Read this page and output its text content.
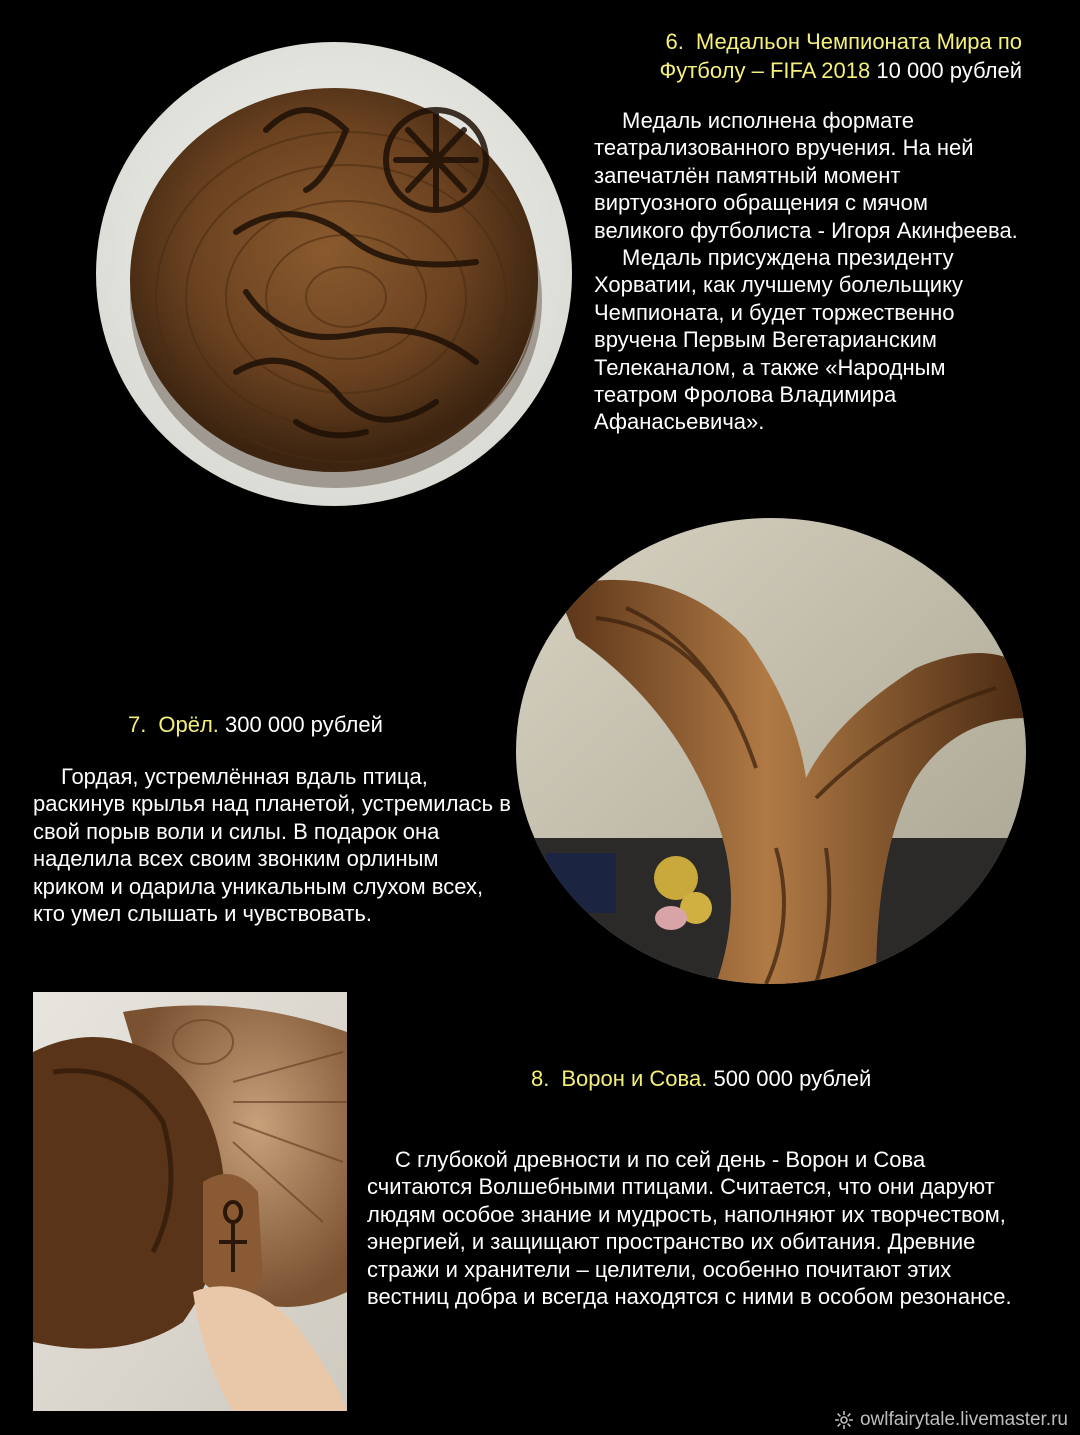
6. Медальон Чемпионата Мира по
Футболу – FIFA 2018 10 000 рублей

Медаль исполнена формате театрализованного вручения. На ней запечатлён памятный момент виртуозного обращения с мячом великого футболиста - Игоря Акинфеева.

Медаль присуждена президенту Хорватии, как лучшему болельщику Чемпионата, и будет торжественно вручена Первым Вегетарианским Телеканалом, а также «Народным театром Фролова Владимира Афанасьевича».

7. Орёл. 300 000 рублей

Гордая, устремлённая вдаль птица, раскинув крылья над планетой, устремилась в свой порыв воли и силы. В подарок она наделила всех своим звонким орлиным криком и одарила уникальным слухом всех, кто умел слышать и чувствовать.

8. Ворон и Сова. 500 000 рублей

С глубокой древности и по сей день - Ворон и Сова считаются Волшебными птицами. Считается, что они даруют людям особое знание и мудрость, наполняют их творчеством, энергией, и защищают пространство их обитания. Древние стражи и хранители – целители, особенно почитают этих вестниц добра и всегда находятся с ними в особом резонансе.

owlfairytale.livemaster.ru
